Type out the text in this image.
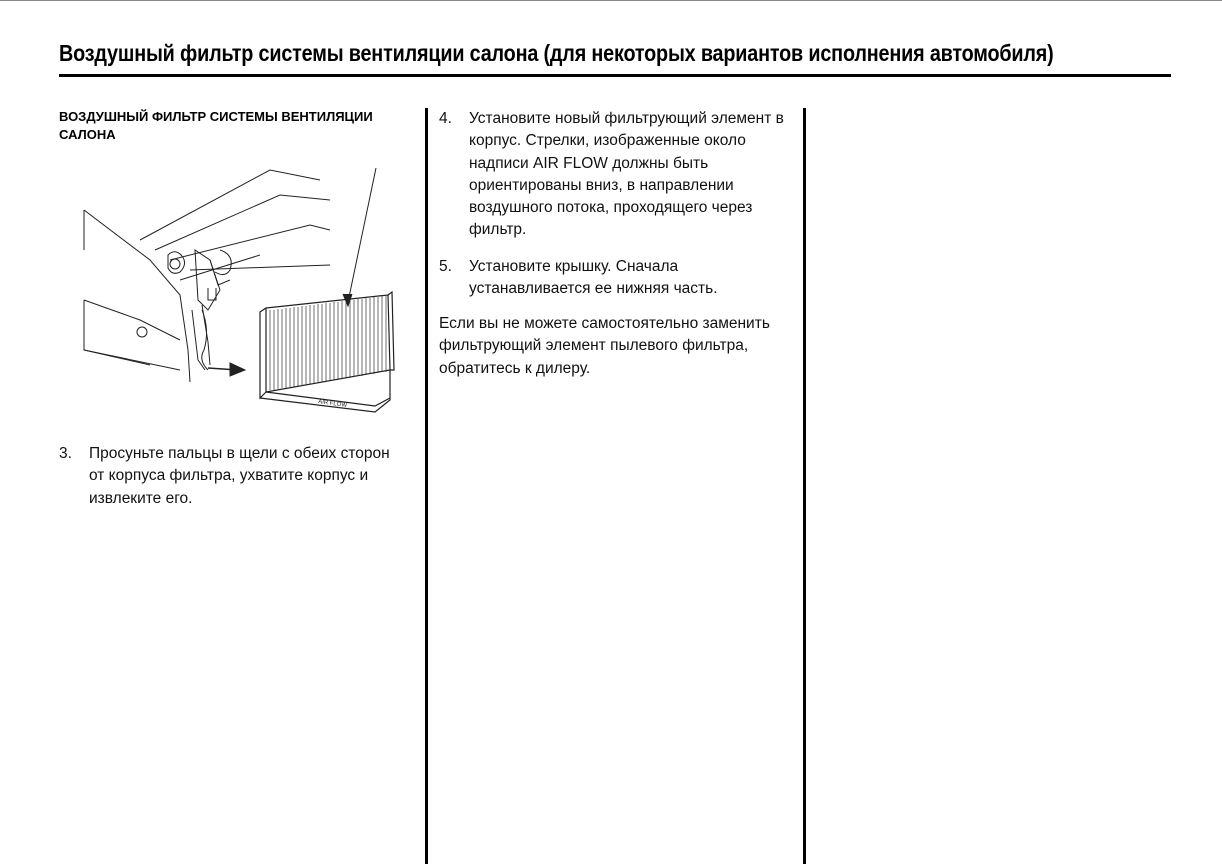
Воздушный фильтр системы вентиляции салона (для некоторых вариантов исполнения автомобиля)
ВОЗДУШНЫЙ ФИЛЬТР СИСТЕМЫ ВЕНТИЛЯЦИИ САЛОНА
AIR FLOW
3. Просуньте пальцы в щели с обеих сторон от корпуса фильтра, ухватите корпус и извлеките его.
4. Установите новый фильтрующий элемент в корпус. Стрелки, изображенные около надписи AIR FLOW должны быть ориентированы вниз, в направлении воздушного потока, проходящего через фильтр.
5. Установите крышку. Сначала устанавливается ее нижняя часть.
Если вы не можете самостоятельно заменить фильтрующий элемент пылевого фильтра, обратитесь к дилеру.
